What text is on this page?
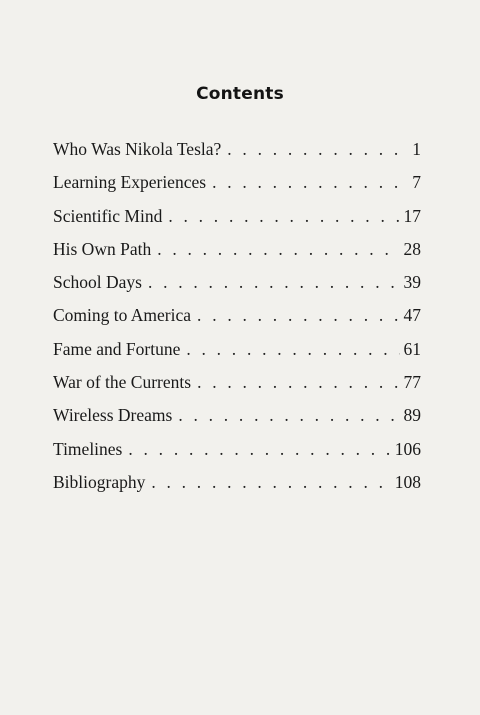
Contents
Who Was Nikola Tesla? . . .	1
Learning Experiences . . .	7
Scientific Mind . . .	17
His Own Path . . .	28
School Days . . .	39
Coming to America . . .	47
Fame and Fortune . . .	61
War of the Currents . . .	77
Wireless Dreams . . .	89
Timelines . . .	106
Bibliography . . .	108
